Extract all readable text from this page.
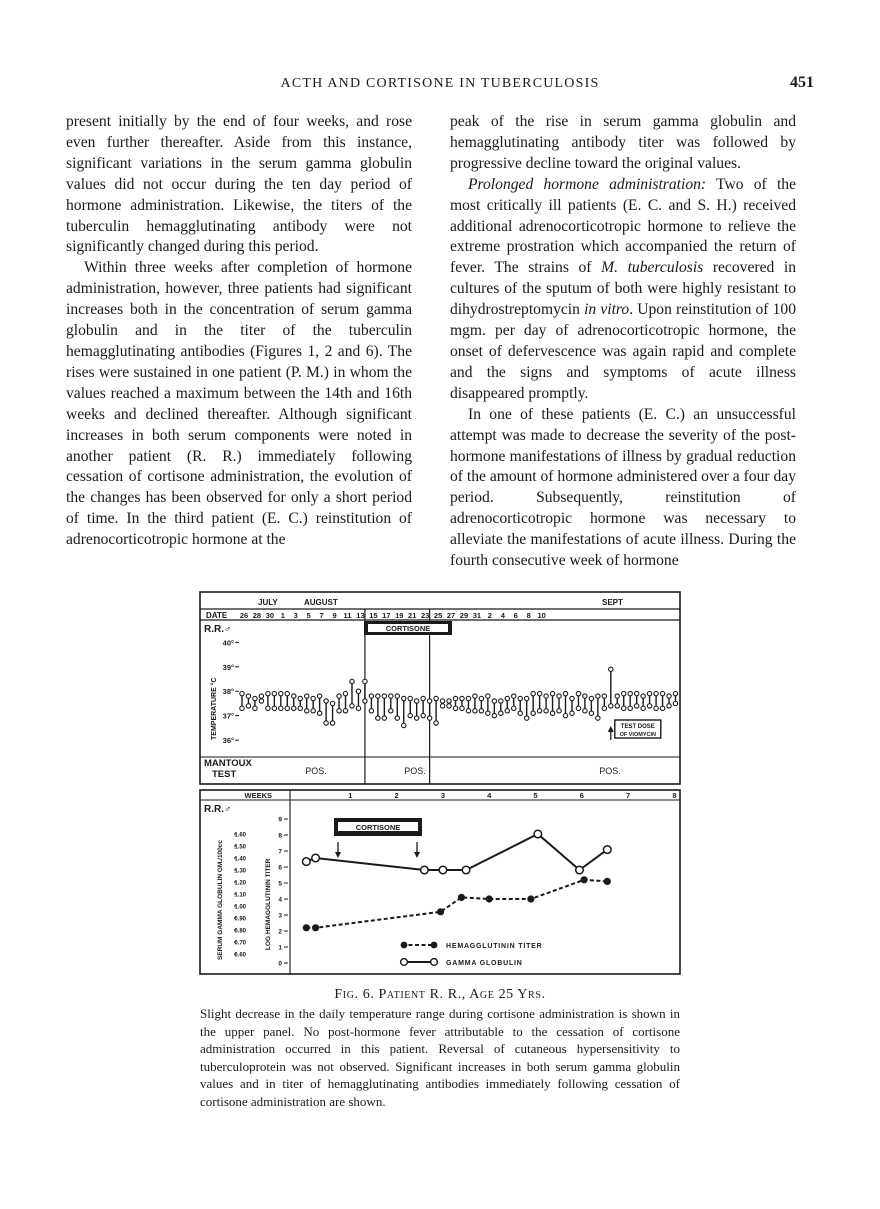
ACTH AND CORTISONE IN TUBERCULOSIS	451

present initially by the end of four weeks, and rose even further thereafter. Aside from this instance, significant variations in the serum gamma globulin values did not occur during the ten day period of hormone administration. Likewise, the titers of the tuberculin hemagglutinating antibody were not significantly changed during this period.

Within three weeks after completion of hormone administration, however, three patients had significant increases both in the concentration of serum gamma globulin and in the titer of the tuberculin hemagglutinating antibodies (Figures 1, 2 and 6). The rises were sustained in one patient (P. M.) in whom the values reached a maximum between the 14th and 16th weeks and declined thereafter. Although significant increases in both serum components were noted in another patient (R. R.) immediately following cessation of cortisone administration, the evolution of the changes has been observed for only a short period of time. In the third patient (E. C.) reinstitution of adrenocorticotropic hormone at the

peak of the rise in serum gamma globulin and hemagglutinating antibody titer was followed by progressive decline toward the original values.

Prolonged hormone administration: Two of the most critically ill patients (E. C. and S. H.) received additional adrenocorticotropic hormone to relieve the extreme prostration which accompanied the return of fever. The strains of M. tuberculosis recovered in cultures of the sputum of both were highly resistant to dihydrostreptomycin in vitro. Upon reinstitution of 100 mgm. per day of adrenocorticotropic hormone, the onset of defervescence was again rapid and complete and the signs and symptoms of acute illness disappeared promptly.

In one of these patients (E. C.) an unsuccessful attempt was made to decrease the severity of the post-hormone manifestations of illness by gradual reduction of the amount of hormone administered over a four day period. Subsequently, reinstitution of adrenocorticotropic hormone was necessary to alleviate the manifestations of acute illness. During the fourth consecutive week of hormone

JULY	AUGUST	SEPT
DATE 26 28 30 1 3 5 7 9 11 13 15 17 19 21 23 25 27 29 31 2 4 6 8 10
R.R.♂
36°
37°
38°
39°
40°
TEMPERATURE °C
CORTISONE
TEST DOSE
OF VIOMYCIN
MANTOUX
TEST	POS.	POS.	POS.
WEEKS	1	2	3	4	5	6	7	8
R.R.♂
0.60
0.70
0.80
0.90
1.00
1.10
1.20
1.30
1.40
1.50
1.60
SERUM GAMMA GLOBULIN GM./100cc
0
1
2
3
4
5
6
7
8
9
LOG HEMAGGLUTININ TITER
CORTISONE
HEMAGGLUTININ TITER
GAMMA GLOBULIN
Fig. 6. Patient R. R., Age 25 Yrs.
Slight decrease in the daily temperature range during cortisone administration is shown in the upper panel. No post-hormone fever attributable to the cessation of cortisone administration occurred in this patient. Reversal of cutaneous hypersensitivity to tuberculoprotein was not observed. Significant increases in both serum gamma globulin values and in titer of hemagglutinating antibodies immediately following cessation of cortisone administration are shown.
